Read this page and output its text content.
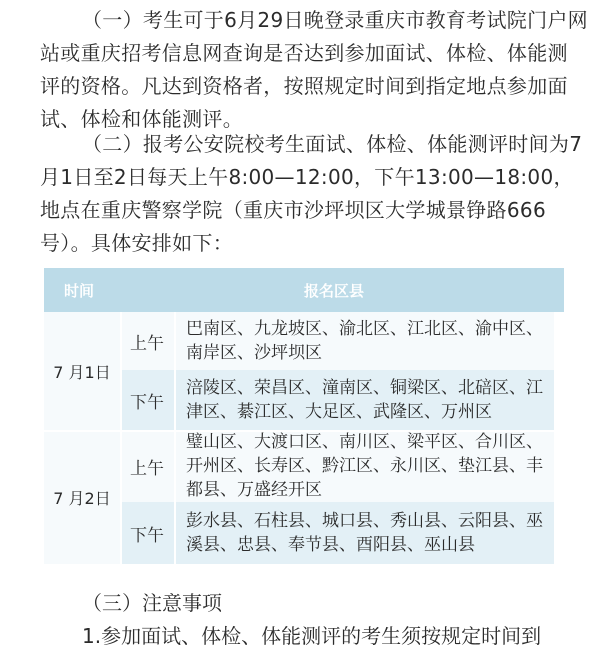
（一）考生可于6月29日晚登录重庆市教育考试院门户网站或重庆招考信息网查询是否达到参加面试、体检、体能测评的资格。凡达到资格者，按照规定时间到指定地点参加面试、体检和体能测评。

（二）报考公安院校考生面试、体检、体能测评时间为7月1日至2日每天上午8:00—12:00，下午13:00—18:00，地点在重庆警察学院（重庆市沙坪坝区大学城景铮路666号）。具体安排如下：

时间	报名区县
7 月1日
上午
巴南区、九龙坡区、渝北区、江北区、渝中区、南岸区、沙坪坝区
下午
涪陵区、荣昌区、潼南区、铜梁区、北碚区、江津区、綦江区、大足区、武隆区、万州区
7 月2日
上午
璧山区、大渡口区、南川区、梁平区、合川区、开州区、长寿区、黔江区、永川区、垫江县、丰都县、万盛经开区
下午
彭水县、石柱县、城口县、秀山县、云阳县、巫溪县、忠县、奉节县、酉阳县、巫山县

（三）注意事项

1.参加面试、体检、体能测评的考生须按规定时间到
